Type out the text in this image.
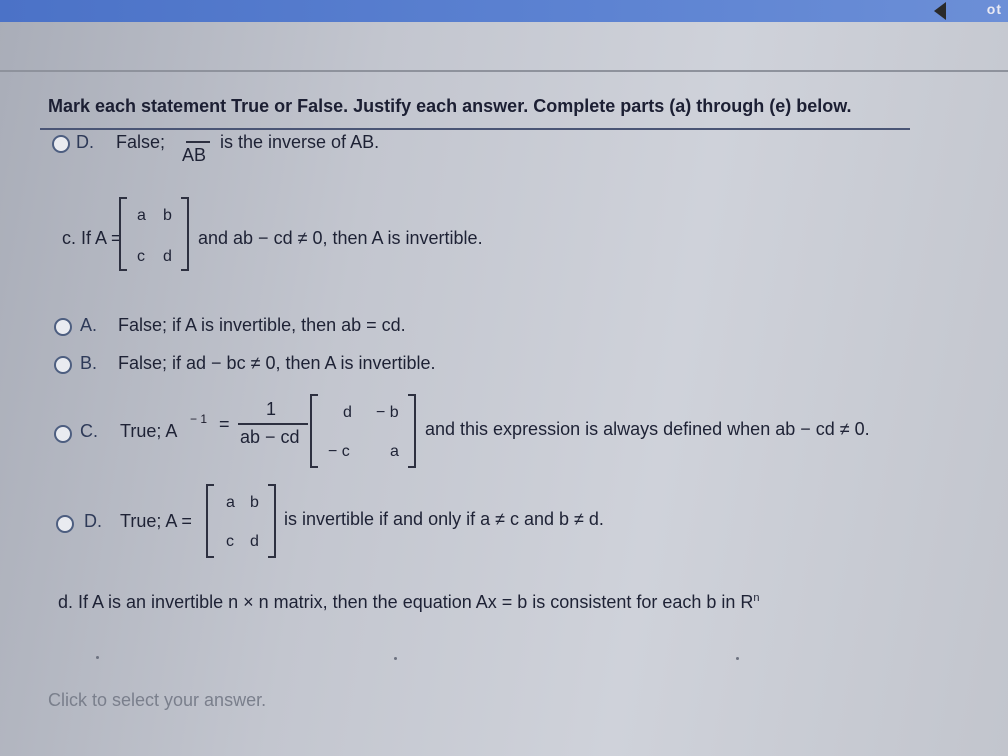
ot
Mark each statement True or False. Justify each answer. Complete parts (a) through (e) below.
D. False;
AB
is the inverse of AB.
c. If A =
a b
c d
and ab − cd ≠ 0, then A is invertible.
A. False; if A is invertible, then ab = cd.
B. False; if ad − bc ≠ 0, then A is invertible.
C. True; A
− 1 =
1
ab − cd
d − b
− c	a
and this expression is always defined when ab − cd ≠ 0.
D. True; A =
a b
c d
is invertible if and only if a ≠ c and b ≠ d.
d. If A is an invertible n × n matrix, then the equation Ax = b is consistent for each b in $R^n$
Click to select your answer.
